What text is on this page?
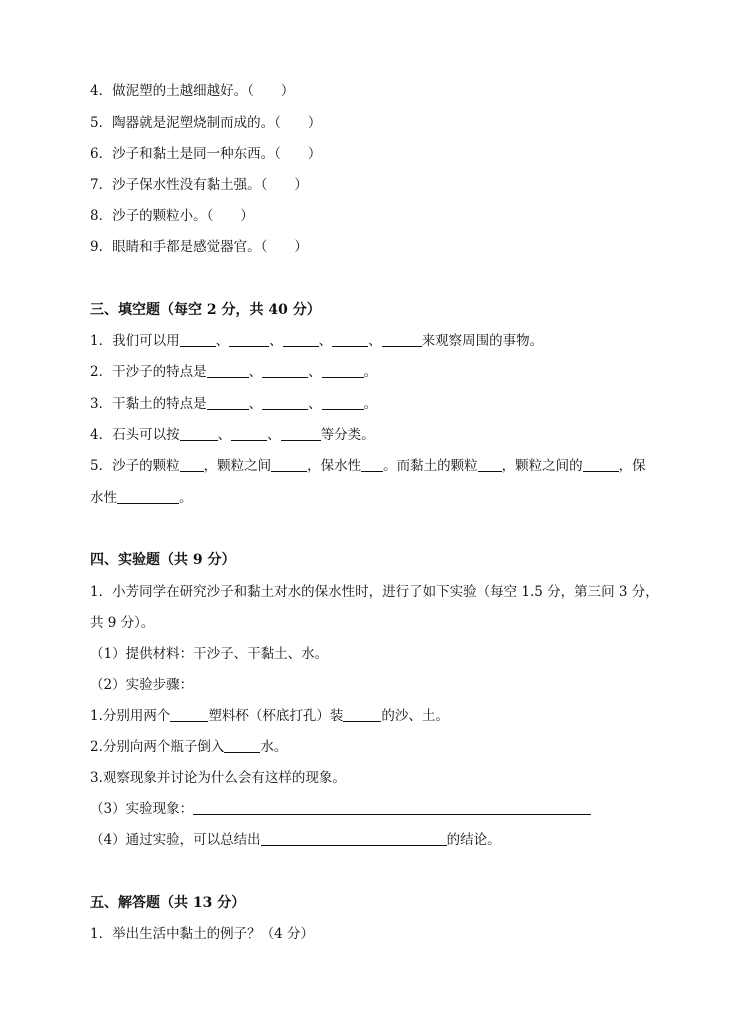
4．做泥塑的土越细越好。（　　）
5．陶器就是泥塑烧制而成的。（　　）
6．沙子和黏土是同一种东西。（　　）
7．沙子保水性没有黏土强。（　　）
8．沙子的颗粒小。（　　）
9．眼睛和手都是感觉器官。（　　）
三、填空题（每空 2 分，共 40 分）
1．我们可以用	、	、	、	、	来观察周围的事物。
2．干沙子的特点是	、	、	。
3．干黏土的特点是	、	、	。
4．石头可以按	、	、	等分类。
5．沙子的颗粒 ，颗粒之间	，保水性 。而黏土的颗粒 ，颗粒之间的	，保
水性	。
四、实验题（共 9 分）
1．小芳同学在研究沙子和黏土对水的保水性时，进行了如下实验（每空 1.5 分，第三问 3 分，
共 9 分）。
（1）提供材料：干沙子、干黏土、水。
（2）实验步骤：
1.分别用两个	塑料杯（杯底打孔）装	的沙、土。
2.分别向两个瓶子倒入	水。
3.观察现象并讨论为什么会有这样的现象。
（3）实验现象：
（4）通过实验，可以总结出	的结论。
五、解答题（共 13 分）
1．举出生活中黏土的例子？（4 分）
